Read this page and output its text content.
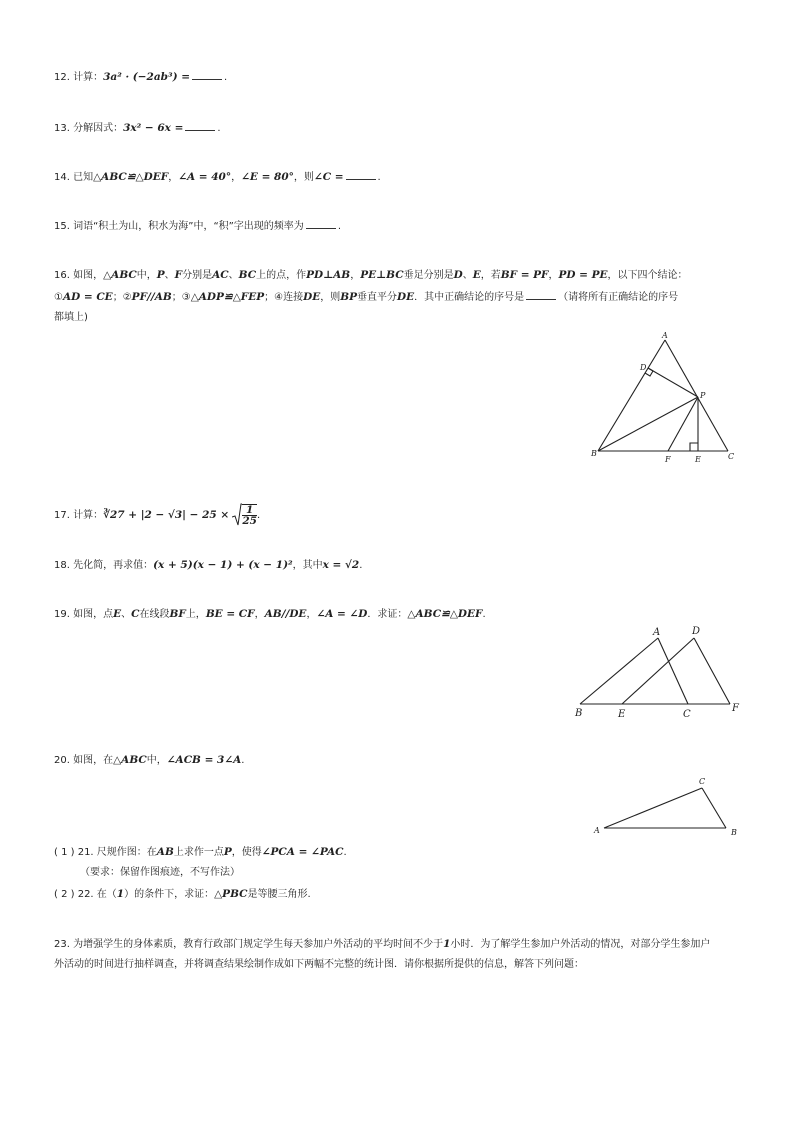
12. 计算：3a² · (−2ab³) =	.
13. 分解因式：3x² − 6x =	.
14. 已知△ABC≌△DEF，∠A = 40°，∠E = 80°，则∠C =	.
15. 词语“积土为山，积水为海”中，“积”字出现的频率为	.
16. 如图，△ABC中，P、F分别是AC、BC上的点，作PD⊥AB，PE⊥BC垂足分别是D、E，若BF = PF，PD = PE，以下四个结论：
①AD = CE；②PF//AB；③△ADP≌△FEP；④连接DE，则BP垂直平分DE．其中正确结论的序号是	（请将所有正确结论的序号
都填上)
A
D
P
B
F	E	C
17. 计算：∛27 + $|2 - √3| - 25 \times \frac{1}{25}$ .
18. 先化简，再求值：(x + 5)(x − 1) + (x − 1)²，其中x = √2.
19. 如图，点E、C在线段BF上，BE = CF，AB//DE，∠A = ∠D．求证：△ABC≌△DEF.
A	D
B	E	C
F
20. 如图，在△ABC中，∠ACB = 3∠A.
A	B
C
( 1 ) 21. 尺规作图：在AB上求作一点P，使得∠PCA = ∠PAC.
（要求：保留作图痕迹，不写作法）
( 2 ) 22. 在（1）的条件下，求证：△PBC是等腰三角形.
23. 为增强学生的身体素质，教育行政部门规定学生每天参加户外活动的平均时间不少于1小时．为了解学生参加户外活动的情况，对部分学生参加户
外活动的时间进行抽样调查，并将调查结果绘制作成如下两幅不完整的统计图．请你根据所提供的信息，解答下列问题：
